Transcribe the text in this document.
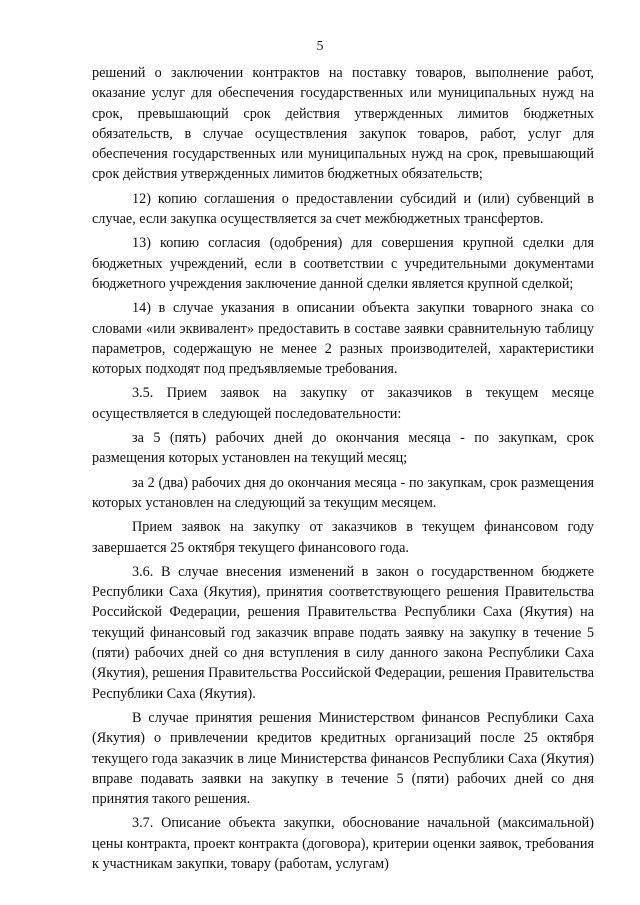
5

решений о заключении контрактов на поставку товаров, выполнение работ, оказание услуг для обеспечения государственных или муниципальных нужд на срок, превышающий срок действия утвержденных лимитов бюджетных обязательств, в случае осуществления закупок товаров, работ, услуг для обеспечения государственных или муниципальных нужд на срок, превышающий срок действия утвержденных лимитов бюджетных обязательств;

12) копию соглашения о предоставлении субсидий и (или) субвенций в случае, если закупка осуществляется за счет межбюджетных трансфертов.

13) копию согласия (одобрения) для совершения крупной сделки для бюджетных учреждений, если в соответствии с учредительными документами бюджетного учреждения заключение данной сделки является крупной сделкой;

14) в случае указания в описании объекта закупки товарного знака со словами «или эквивалент» предоставить в составе заявки сравнительную таблицу параметров, содержащую не менее 2 разных производителей, характеристики которых подходят под предъявляемые требования.

3.5. Прием заявок на закупку от заказчиков в текущем месяце осуществляется в следующей последовательности:

за 5 (пять) рабочих дней до окончания месяца - по закупкам, срок размещения которых установлен на текущий месяц;

за 2 (два) рабочих дня до окончания месяца - по закупкам, срок размещения которых установлен на следующий за текущим месяцем.

Прием заявок на закупку от заказчиков в текущем финансовом году завершается 25 октября текущего финансового года.

3.6. В случае внесения изменений в закон о государственном бюджете Республики Саха (Якутия), принятия соответствующего решения Правительства Российской Федерации, решения Правительства Республики Саха (Якутия) на текущий финансовый год заказчик вправе подать заявку на закупку в течение 5 (пяти) рабочих дней со дня вступления в силу данного закона Республики Саха (Якутия), решения Правительства Российской Федерации, решения Правительства Республики Саха (Якутия).

В случае принятия решения Министерством финансов Республики Саха (Якутия) о привлечении кредитов кредитных организаций после 25 октября текущего года заказчик в лице Министерства финансов Республики Саха (Якутия) вправе подавать заявки на закупку в течение 5 (пяти) рабочих дней со дня принятия такого решения.

3.7. Описание объекта закупки, обоснование начальной (максимальной) цены контракта, проект контракта (договора), критерии оценки заявок, требования к участникам закупки, товару (работам, услугам)
